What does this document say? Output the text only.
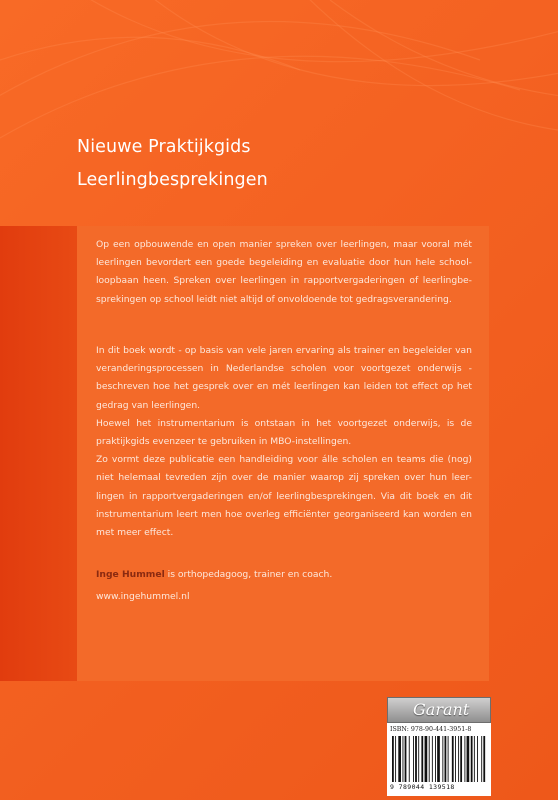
Nieuwe Praktijkgids
Leerlingbesprekingen
Op een opbouwende en open manier spreken over leerlingen, maar vooral mét leerlingen bevordert een goede begeleiding en evaluatie door hun hele school- loopbaan heen. Spreken over leerlingen in rapportvergaderingen of leerlingbe- sprekingen op school leidt niet altijd of onvoldoende tot gedragsverandering.
In dit boek wordt - op basis van vele jaren ervaring als trainer en begeleider van veranderingsprocessen in Nederlandse scholen voor voortgezet onderwijs - beschreven hoe het gesprek over en mét leerlingen kan leiden tot effect op het gedrag van leerlingen.
Hoewel het instrumentarium is ontstaan in het voortgezet onderwijs, is de praktijkgids evenzeer te gebruiken in MBO-instellingen.
Zo vormt deze publicatie een handleiding voor álle scholen en teams die (nog) niet helemaal tevreden zijn over de manier waarop zij spreken over hun leer- lingen in rapportvergaderingen en/of leerlingbesprekingen. Via dit boek en dit instrumentarium leert men hoe overleg efficiënter georganiseerd kan worden en met meer effect.
Inge Hummel is orthopedagoog, trainer en coach.
www.ingehummel.nl
Garant
ISBN: 978-90-441-3951-8
9 789044 139518
